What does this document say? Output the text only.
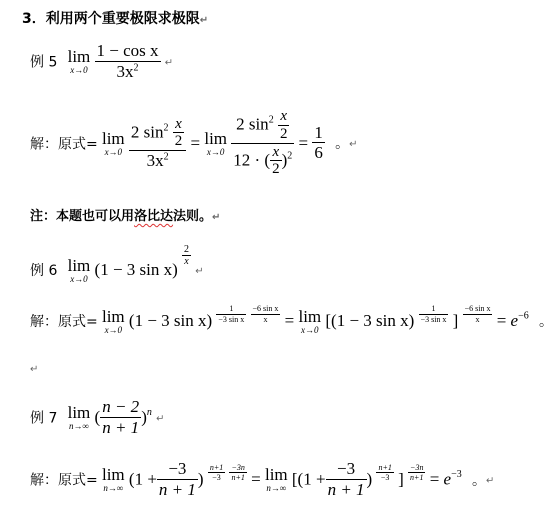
3．利用两个重要极限求极限↵
例 5 lim
x→0
$\frac{\text{1 − cos x}}{3x^2}$ ↵
解：原式= lim
x→0
$\frac{2 \sin^2 \frac{x}{2}}{3x^2} = \lim$
x→0
$\frac{2 \sin^2 \frac{x}{2}}{12 \cdot ( \frac{x}{2} )^2} = \frac{1}{6}$ 。↵
注：本题也可以用洛比达法则。↵
例 6 lim
x→0 (1 − 3 sin x)
$\frac{2}{x}$
↵
解：原式= lim
x→0 (1 − 3 $\sin x) \frac{1}{\text{−3 sin x}}$
$\frac{\text{−6 sin x}}{x} = \lim$
x→0 [(1 − 3 $\sin x) \frac{1}{\text{−3 sin x}}$ ] $\frac{\text{−6 sin x}}{x} = e^{-6}$ 。
↵
例 7 lim
n→∞ ( $\frac{n - 2}{n + 1} )^n$ ↵
解：原式= lim
n→∞ ($1 + \frac{-3}{n + 1}$ ) $\frac{n+1}{-3}$
$\frac{-3n}{n+1} = \lim$
n→∞ [($1 + \frac{-3}{n + 1}$ ) $\frac{n+1}{-3}$ ] $\frac{-3n}{n+1} = e^{-3}$ 。↵
